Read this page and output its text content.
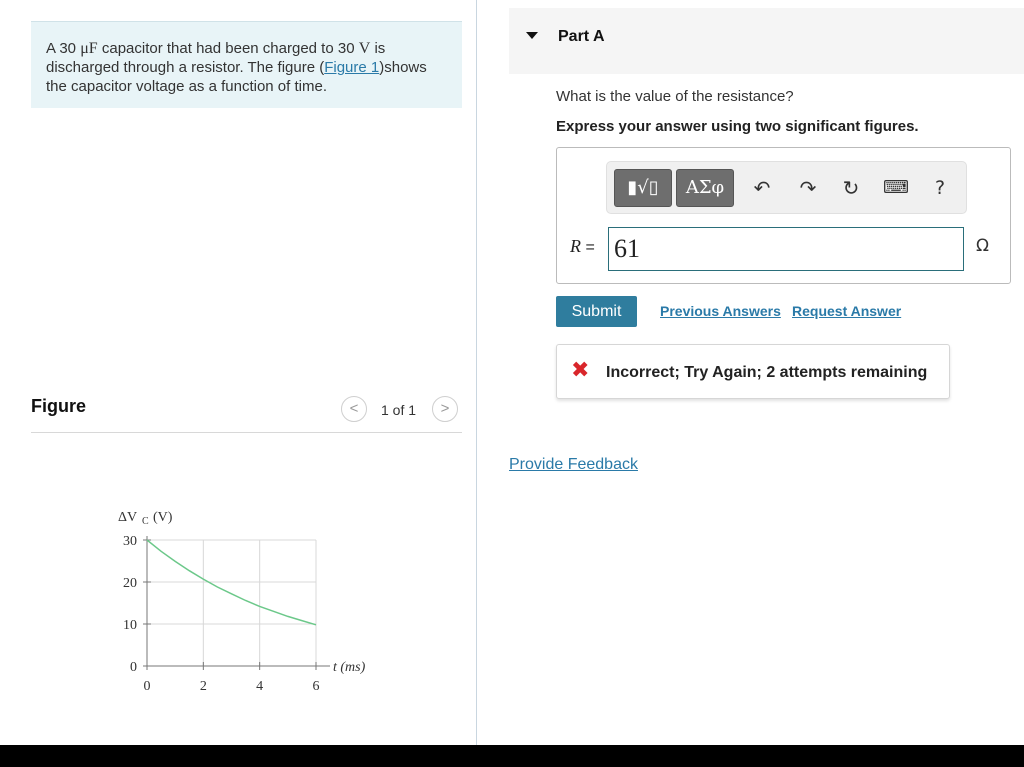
A 30 μF capacitor that had been charged to 30 V is discharged through a resistor. The figure (Figure 1)shows the capacitor voltage as a function of time.
Figure	<	1 of 1	>
ΔV C (V)
t (ms)
0
10
20
30
0	2	4	6
Part A
What is the value of the resistance?
Express your answer using two significant figures.
▮√▯	ΑΣφ	↶ ↷ ↻ ⌨	?
R = 61	Ω
Submit	Previous Answers Request Answer
✖ Incorrect; Try Again; 2 attempts remaining
Provide Feedback
